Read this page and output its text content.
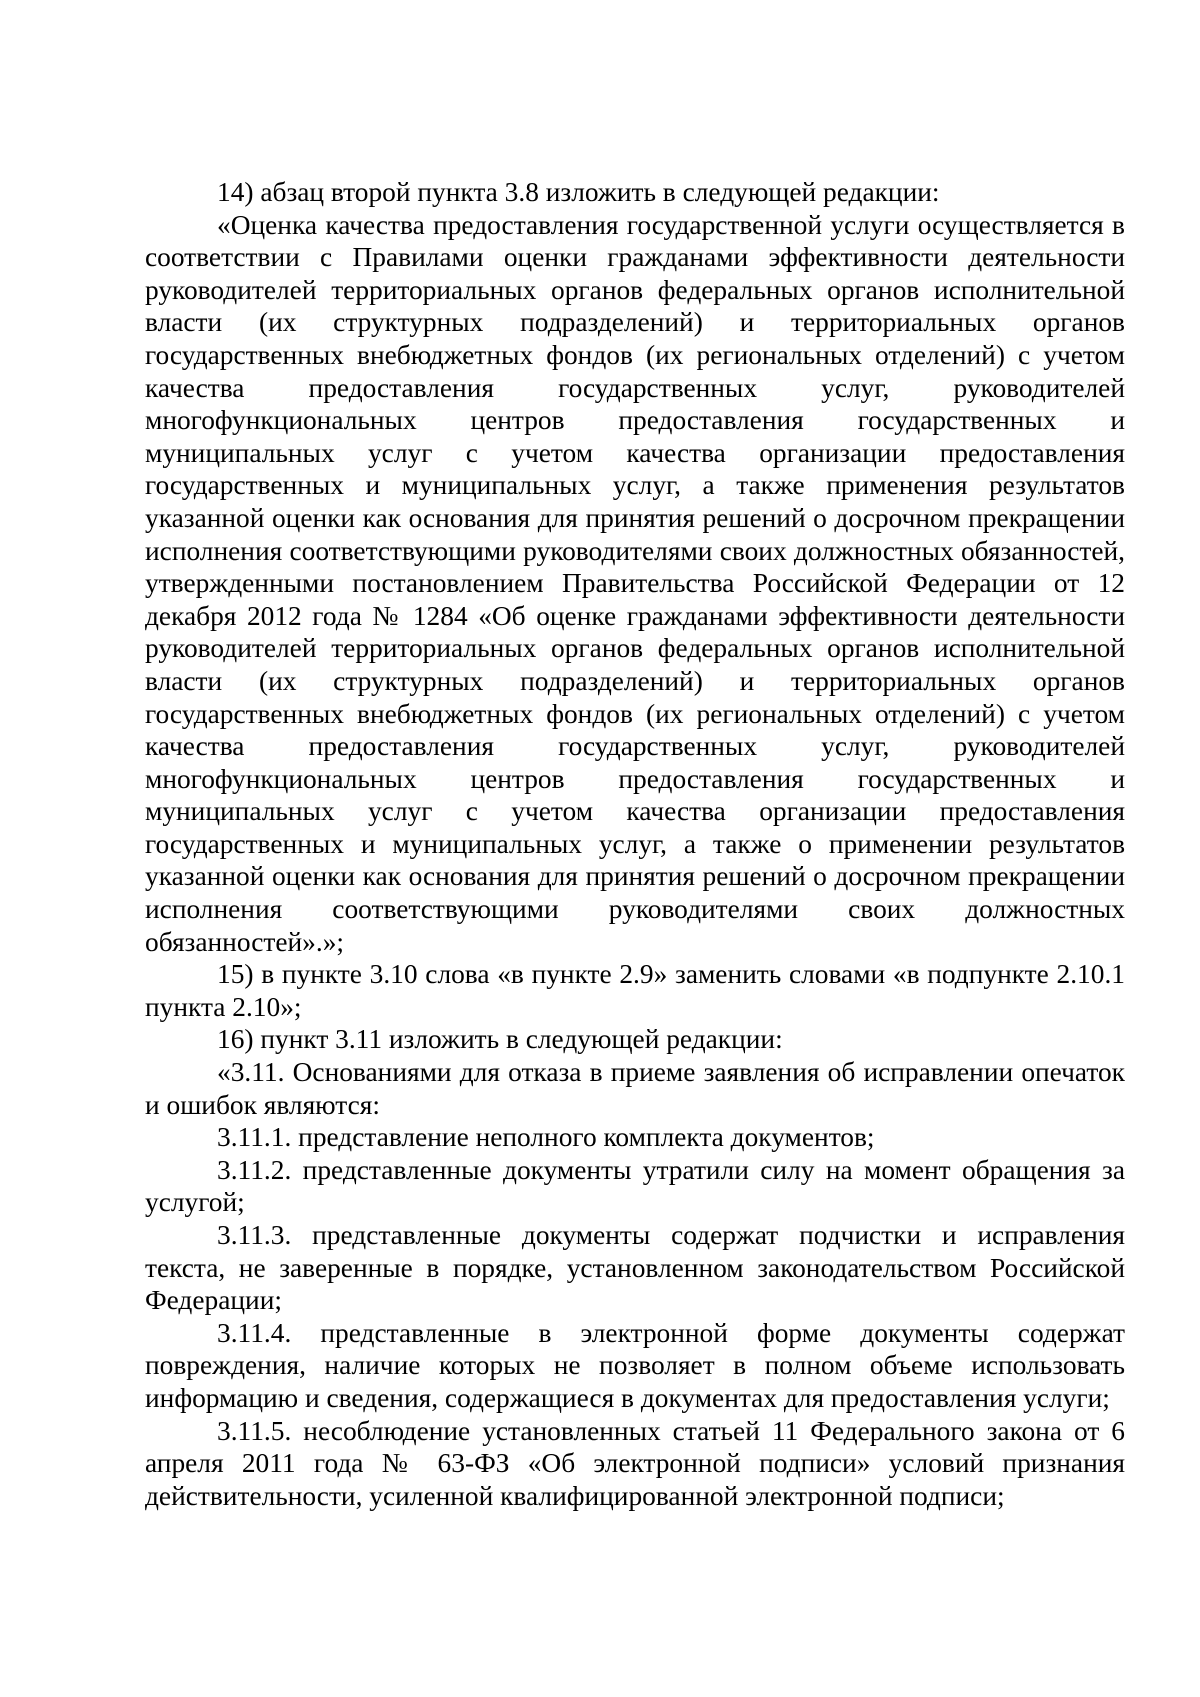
14) абзац второй пункта 3.8 изложить в следующей редакции:

«Оценка качества предоставления государственной услуги осуществляется в соответствии с Правилами оценки гражданами эффективности деятельности руководителей территориальных органов федеральных органов исполнительной власти (их структурных подразделений) и территориальных органов государственных внебюджетных фондов (их региональных отделений) с учетом качества предоставления государственных услуг, руководителей многофункциональных центров предоставления государственных и муниципальных услуг с учетом качества организации предоставления государственных и муниципальных услуг, а также применения результатов указанной оценки как основания для принятия решений о досрочном прекращении исполнения соответствующими руководителями своих должностных обязанностей, утвержденными постановлением Правительства Российской Федерации от 12 декабря 2012 года № 1284 «Об оценке гражданами эффективности деятельности руководителей территориальных органов федеральных органов исполнительной власти (их структурных подразделений) и территориальных органов государственных внебюджетных фондов (их региональных отделений) с учетом качества предоставления государственных услуг, руководителей многофункциональных центров предоставления государственных и муниципальных услуг с учетом качества организации предоставления государственных и муниципальных услуг, а также о применении результатов указанной оценки как основания для принятия решений о досрочном прекращении исполнения соответствующими руководителями своих должностных обязанностей».»;

15) в пункте 3.10 слова «в пункте 2.9» заменить словами «в подпункте 2.10.1 пункта 2.10»;

16) пункт 3.11 изложить в следующей редакции:

«3.11. Основаниями для отказа в приеме заявления об исправлении опечаток и ошибок являются:

3.11.1. представление неполного комплекта документов;

3.11.2. представленные документы утратили силу на момент обращения за услугой;

3.11.3. представленные документы содержат подчистки и исправления текста, не заверенные в порядке, установленном законодательством Российской Федерации;

3.11.4. представленные в электронной форме документы содержат повреждения, наличие которых не позволяет в полном объеме использовать информацию и сведения, содержащиеся в документах для предоставления услуги;

3.11.5. несоблюдение установленных статьей 11 Федерального закона от 6 апреля 2011 года № 63-ФЗ «Об электронной подписи» условий признания действительности, усиленной квалифицированной электронной подписи;
